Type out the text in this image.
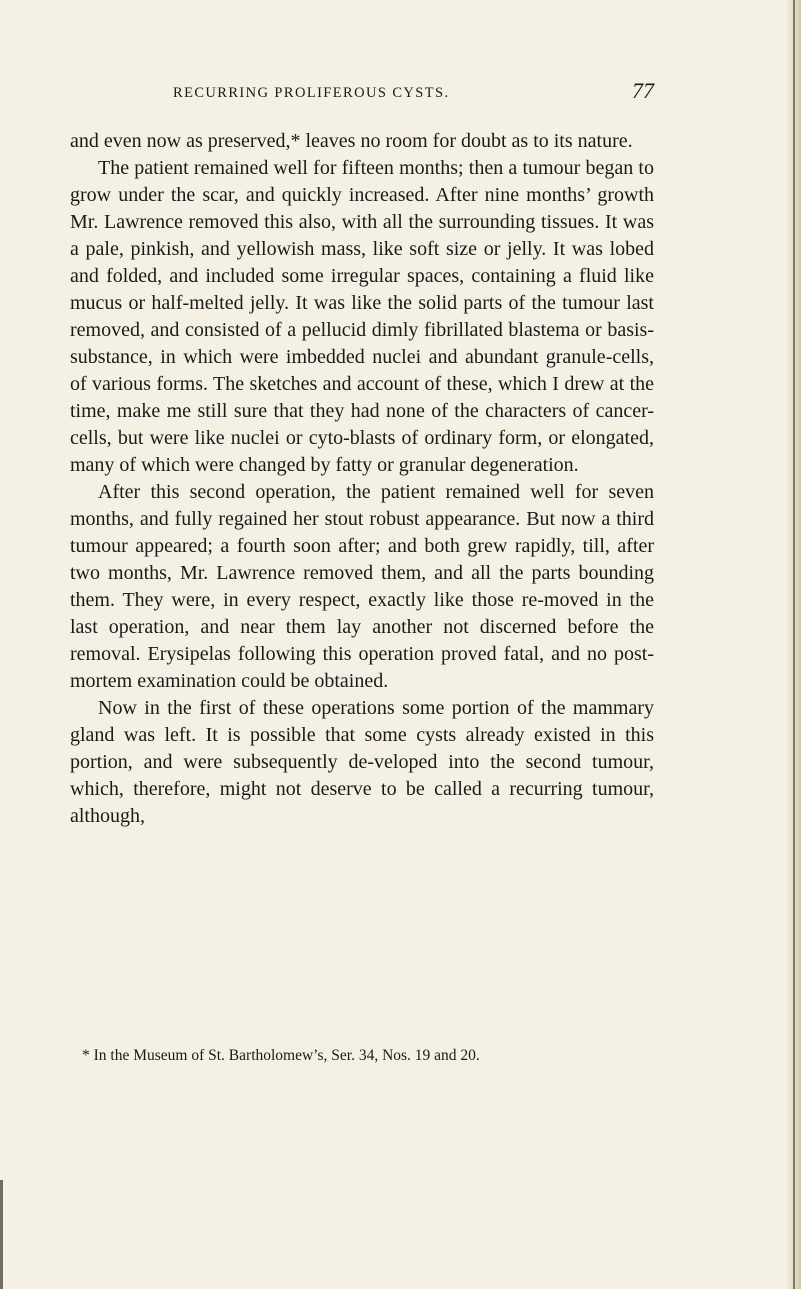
RECURRING PROLIFEROUS CYSTS.	77

and even now as preserved,* leaves no room for doubt as to its nature.

The patient remained well for fifteen months; then a tumour began to grow under the scar, and quickly increased. After nine months’ growth Mr. Lawrence removed this also, with all the surrounding tissues. It was a pale, pinkish, and yellowish mass, like soft size or jelly. It was lobed and folded, and included some irregular spaces, containing a fluid like mucus or half-melted jelly. It was like the solid parts of the tumour last removed, and consisted of a pellucid dimly fibrillated blastema or basis-substance, in which were imbedded nuclei and abundant granule-cells, of various forms. The sketches and account of these, which I drew at the time, make me still sure that they had none of the characters of cancer-cells, but were like nuclei or cyto-blasts of ordinary form, or elongated, many of which were changed by fatty or granular degeneration.

After this second operation, the patient remained well for seven months, and fully regained her stout robust appearance. But now a third tumour appeared; a fourth soon after; and both grew rapidly, till, after two months, Mr. Lawrence removed them, and all the parts bounding them. They were, in every respect, exactly like those re-moved in the last operation, and near them lay another not discerned before the removal. Erysipelas following this operation proved fatal, and no post-mortem examination could be obtained.

Now in the first of these operations some portion of the mammary gland was left. It is possible that some cysts already existed in this portion, and were subsequently de-veloped into the second tumour, which, therefore, might not deserve to be called a recurring tumour, although,

* In the Museum of St. Bartholomew’s, Ser. 34, Nos. 19 and 20.
